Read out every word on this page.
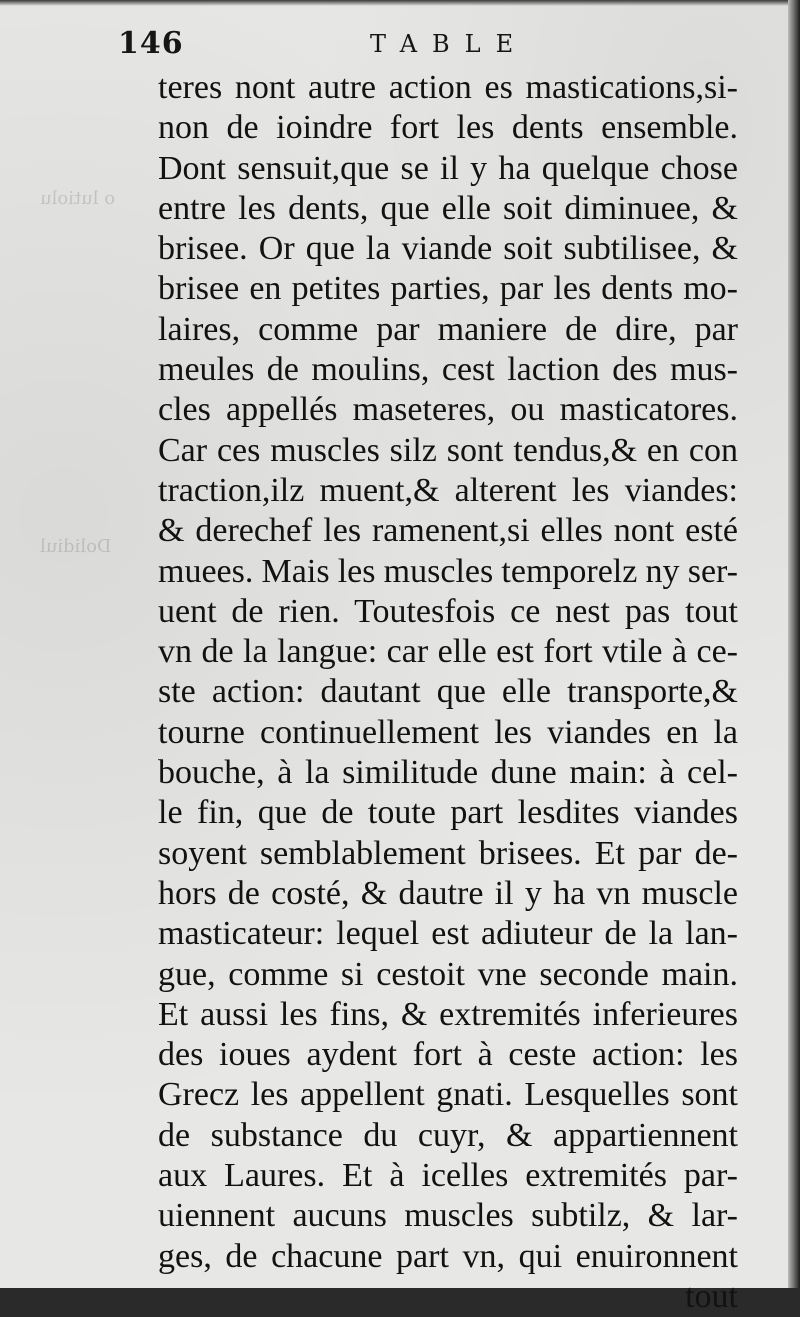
o lutiolu
Dolidiul
146	TABLE
teres nont autre action es mastications,si-
non de ioindre fort les dents ensemble.
Dont sensuit,que se il y ha quelque chose
entre les dents, que elle soit diminuee, &
brisee. Or que la viande soit subtilisee, &
brisee en petites parties, par les dents mo-
laires, comme par maniere de dire, par
meules de moulins, cest laction des mus-
cles appellés maseteres, ou masticatores.
Car ces muscles silz sont tendus,& en con
traction,ilz muent,& alterent les viandes:
& derechef les ramenent,si elles nont esté
muees. Mais les muscles temporelz ny ser-
uent de rien. Toutesfois ce nest pas tout
vn de la langue: car elle est fort vtile à ce-
ste action: dautant que elle transporte,&
tourne continuellement les viandes en la
bouche, à la similitude dune main: à cel-
le fin, que de toute part lesdites viandes
soyent semblablement brisees. Et par de-
hors de costé, & dautre il y ha vn muscle
masticateur: lequel est adiuteur de la lan-
gue, comme si cestoit vne seconde main.
Et aussi les fins, & extremités inferieures
des ioues aydent fort à ceste action: les
Grecz les appellent gnati. Lesquelles sont
de substance du cuyr, & appartiennent
aux Laures. Et à icelles extremités par-
uiennent aucuns muscles subtilz, & lar-
ges, de chacune part vn, qui enuironnent
tout
